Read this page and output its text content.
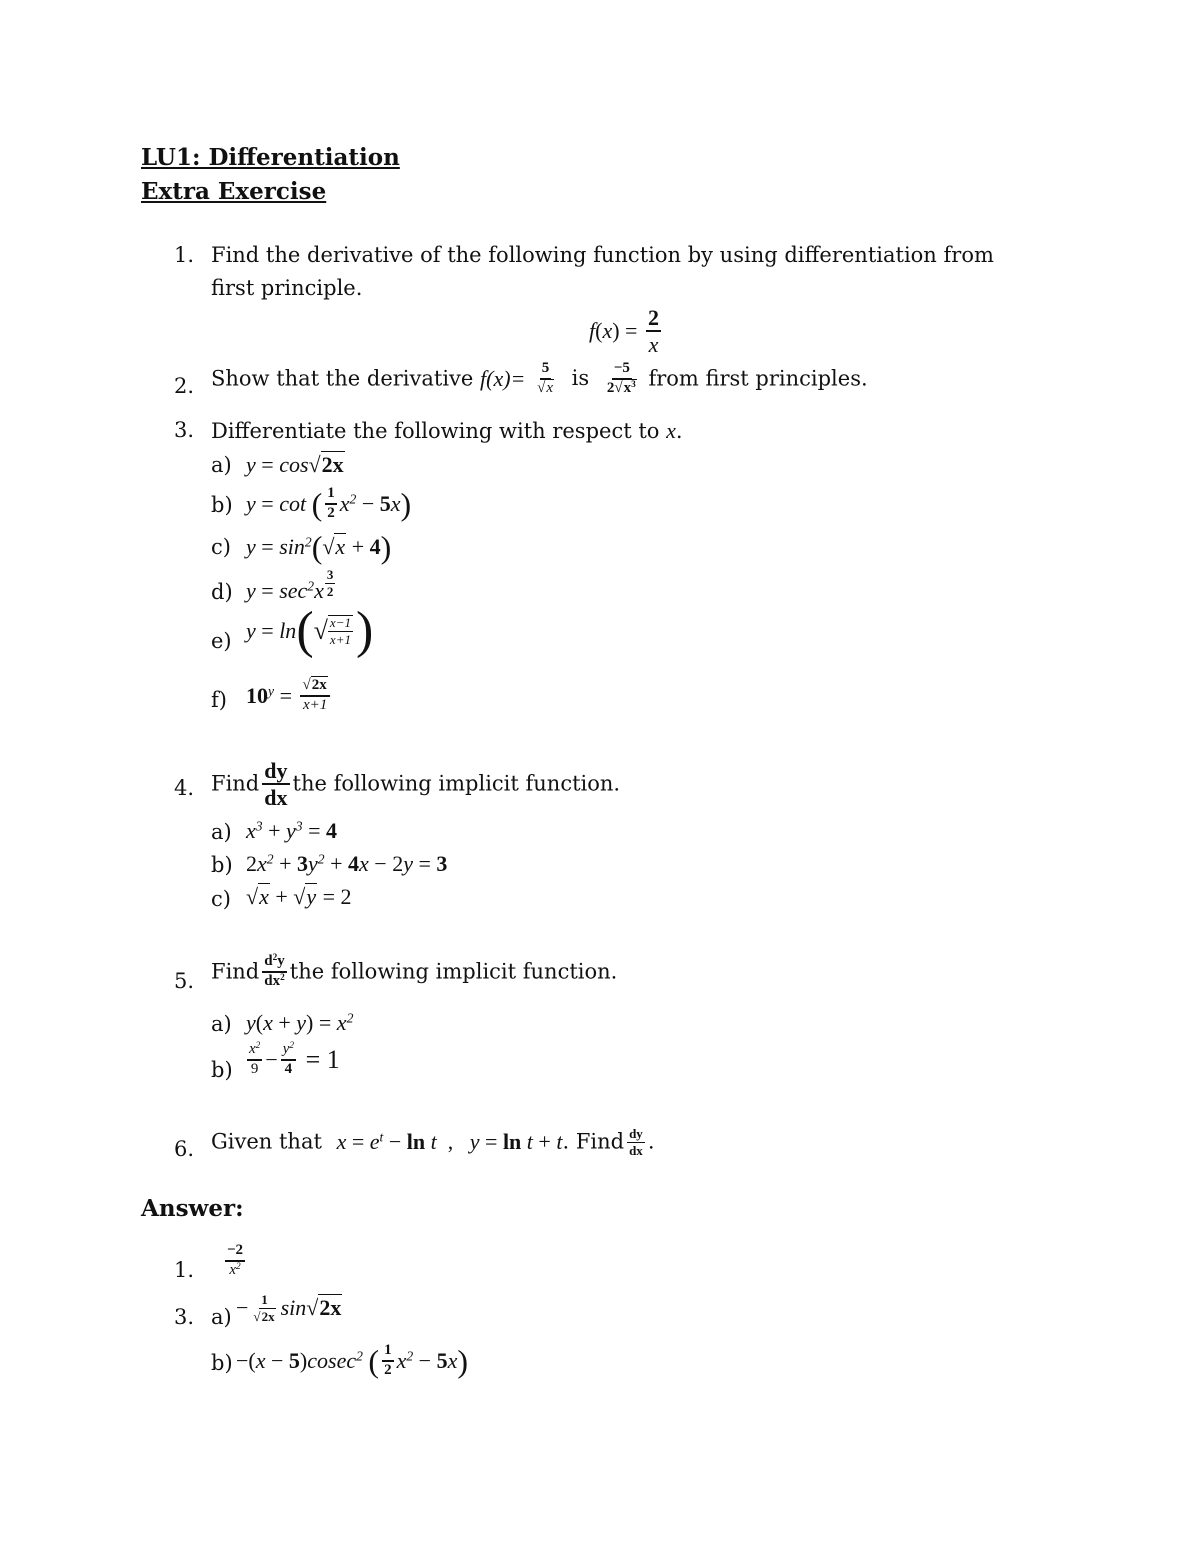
LU1: Differentiation
Extra Exercise
1. Find the derivative of the following function by using differentiation from
first principle.
$f(x) = \frac{2}{x}$
2. Show that the derivative $f(x)= \frac{5}{√x}$ is $\frac{-5}{2√x^3}$ from first principles.
3. Differentiate the following with respect to x.
a) y = cos√2x
b) y = cot ( $\frac{1}{2} x^2 - 5x$)
c) $y = \sin^2(√x + 4)$
d) $y = \sec^2x \frac{3}{2}$
e) $y = \ln(√ \frac{x-1}{x+1}$ )
f) $10^y = \frac{√2x}{x+1}$
4. Find $\frac{dy}{dx}$ the following implicit function.
a) $x^3 + y^3 = 4$
b) $2x^2 + 3y^2 + 4x - 2y = 3$
c) √x + √y = 2
5. Find $\frac{d^2y}{dx^2}$ the following implicit function.
a) $y(x + y) = x^2$
$b) \frac{x^2}{9} - \frac{y^2}{4} = 1$
6. Given that $x = e^t - \ln t$  ,   y = ln t + t. Find $\frac{dy}{dx}$ .
Answer:
1. $\frac{-2}{x^2}$
3. $a) - \frac{1}{√2x} \sin√2x$
b) −(x − 5)cosec$^2$ ( $\frac{1}{2} x^2 - 5x$)
